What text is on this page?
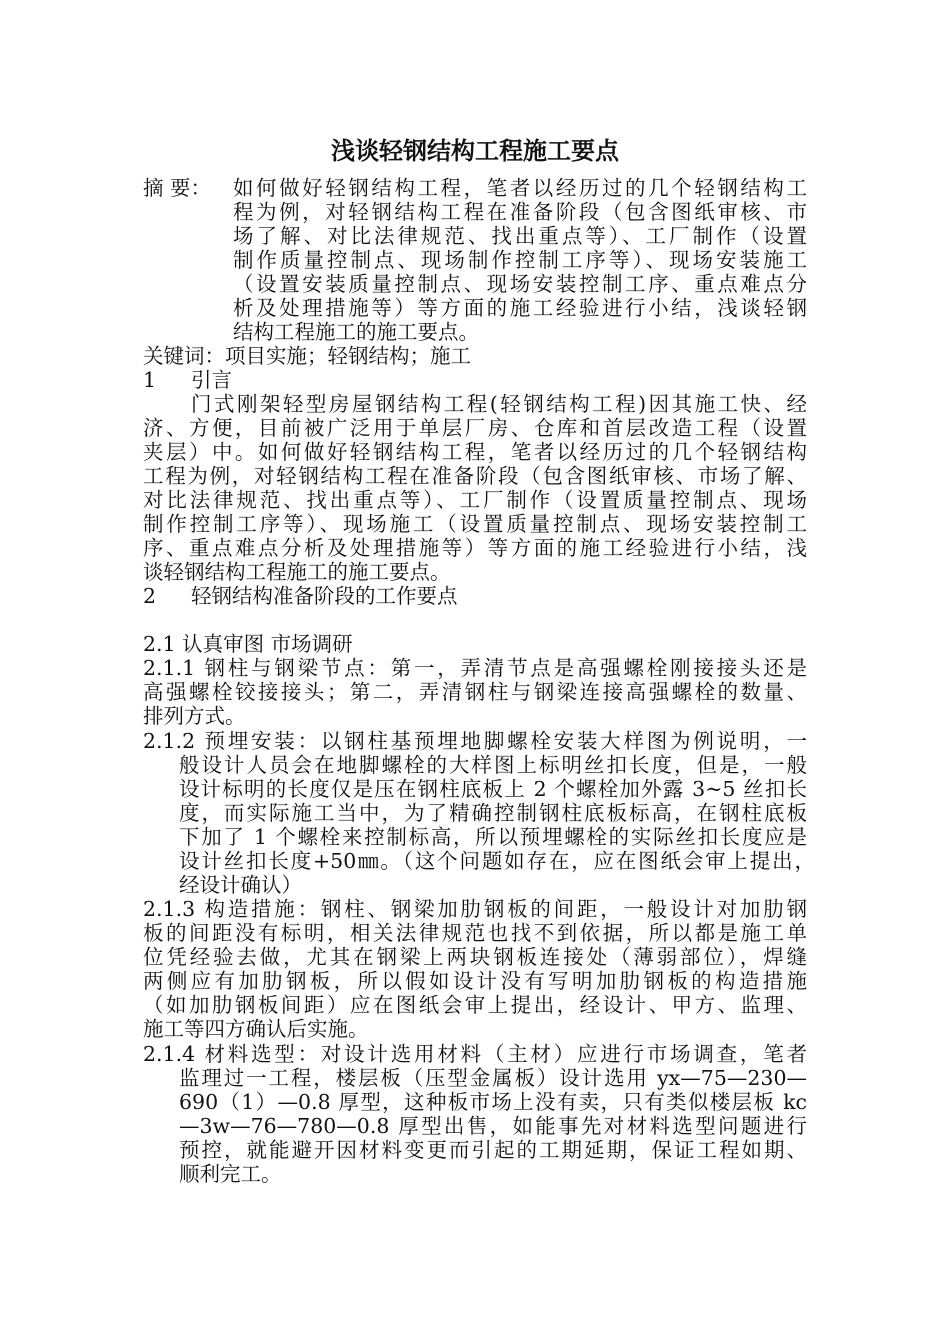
浅谈轻钢结构工程施工要点
摘 要： 如何做好轻钢结构工程，笔者以经历过的几个轻钢结构工
程为例，对轻钢结构工程在准备阶段（包含图纸审核、市
场了解、对比法律规范、找出重点等）、工厂制作（设置
制作质量控制点、现场制作控制工序等）、现场安装施工
（设置安装质量控制点、现场安装控制工序、重点难点分
析及处理措施等）等方面的施工经验进行小结，浅谈轻钢
结构工程施工的施工要点。
关键词：项目实施；轻钢结构；施工
1 引言
门式刚架轻型房屋钢结构工程(轻钢结构工程)因其施工快、经
济、方便，目前被广泛用于单层厂房、仓库和首层改造工程（设置
夹层）中。如何做好轻钢结构工程，笔者以经历过的几个轻钢结构
工程为例，对轻钢结构工程在准备阶段（包含图纸审核、市场了解、
对比法律规范、找出重点等）、工厂制作（设置质量控制点、现场
制作控制工序等）、现场施工（设置质量控制点、现场安装控制工
序、重点难点分析及处理措施等）等方面的施工经验进行小结，浅
谈轻钢结构工程施工的施工要点。
2 轻钢结构准备阶段的工作要点
2.1 认真审图 市场调研
2.1.1 钢柱与钢梁节点：第一，弄清节点是高强螺栓刚接接头还是
高强螺栓铰接接头；第二，弄清钢柱与钢梁连接高强螺栓的数量、
排列方式。
2.1.2 预埋安装：以钢柱基预埋地脚螺栓安装大样图为例说明，一
般设计人员会在地脚螺栓的大样图上标明丝扣长度，但是，一般
设计标明的长度仅是压在钢柱底板上 2 个螺栓加外露 3~5 丝扣长
度，而实际施工当中，为了精确控制钢柱底板标高，在钢柱底板
下加了 1 个螺栓来控制标高，所以预埋螺栓的实际丝扣长度应是
设计丝扣长度+50㎜。（这个问题如存在，应在图纸会审上提出，
经设计确认）
2.1.3 构造措施：钢柱、钢梁加肋钢板的间距，一般设计对加肋钢
板的间距没有标明，相关法律规范也找不到依据，所以都是施工单
位凭经验去做，尤其在钢梁上两块钢板连接处（薄弱部位），焊缝
两侧应有加肋钢板，所以假如设计没有写明加肋钢板的构造措施
（如加肋钢板间距）应在图纸会审上提出，经设计、甲方、监理、
施工等四方确认后实施。
2.1.4 材料选型：对设计选用材料（主材）应进行市场调查，笔者
监理过一工程，楼层板（压型金属板）设计选用 yx—75—230—
690（1）—0.8 厚型，这种板市场上没有卖，只有类似楼层板 kc
—3w—76—780—0.8 厚型出售，如能事先对材料选型问题进行
预控，就能避开因材料变更而引起的工期延期，保证工程如期、
顺利完工。
